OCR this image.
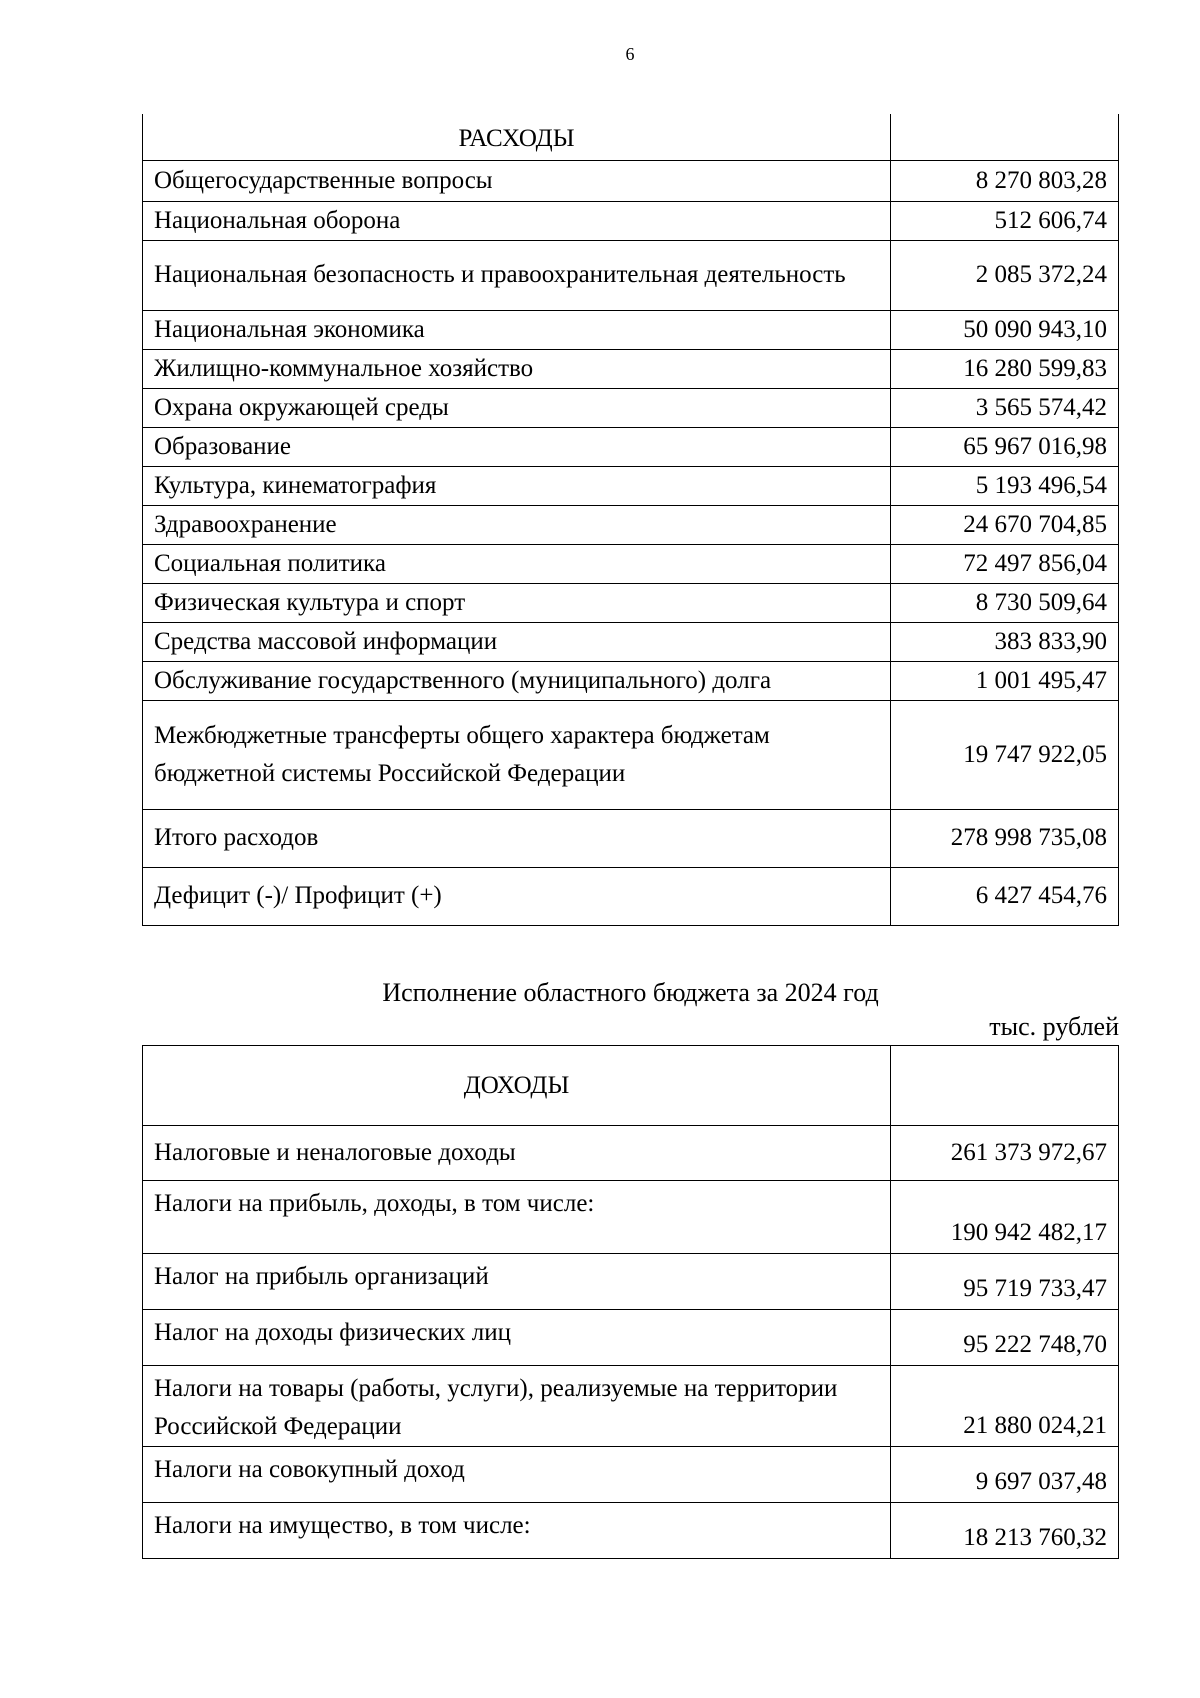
6
РАСХОДЫ	
Общегосударственные вопросы	8 270 803,28
Национальная оборона	512 606,74
Национальная безопасность и правоохранительная деятельность	2 085 372,24
Национальная экономика	50 090 943,10
Жилищно-коммунальное хозяйство	16 280 599,83
Охрана окружающей среды	3 565 574,42
Образование	65 967 016,98
Культура, кинематография	5 193 496,54
Здравоохранение	24 670 704,85
Социальная политика	72 497 856,04
Физическая культура и спорт	8 730 509,64
Средства массовой информации	383 833,90
Обслуживание государственного (муниципального) долга	1 001 495,47
Межбюджетные трансферты общего характера бюджетам бюджетной системы Российской Федерации	19 747 922,05
Итого расходов	278 998 735,08
Дефицит (-)/ Профицит (+)	6 427 454,76
Исполнение областного бюджета за 2024 год
тыс. рублей
ДОХОДЫ	
Налоговые и неналоговые доходы	261 373 972,67
Налоги на прибыль, доходы, в том числе:	190 942 482,17
Налог на прибыль организаций	95 719 733,47
Налог на доходы физических лиц	95 222 748,70
Налоги на товары (работы, услуги), реализуемые на территории Российской Федерации	21 880 024,21
Налоги на совокупный доход	9 697 037,48
Налоги на имущество, в том числе:	18 213 760,32
